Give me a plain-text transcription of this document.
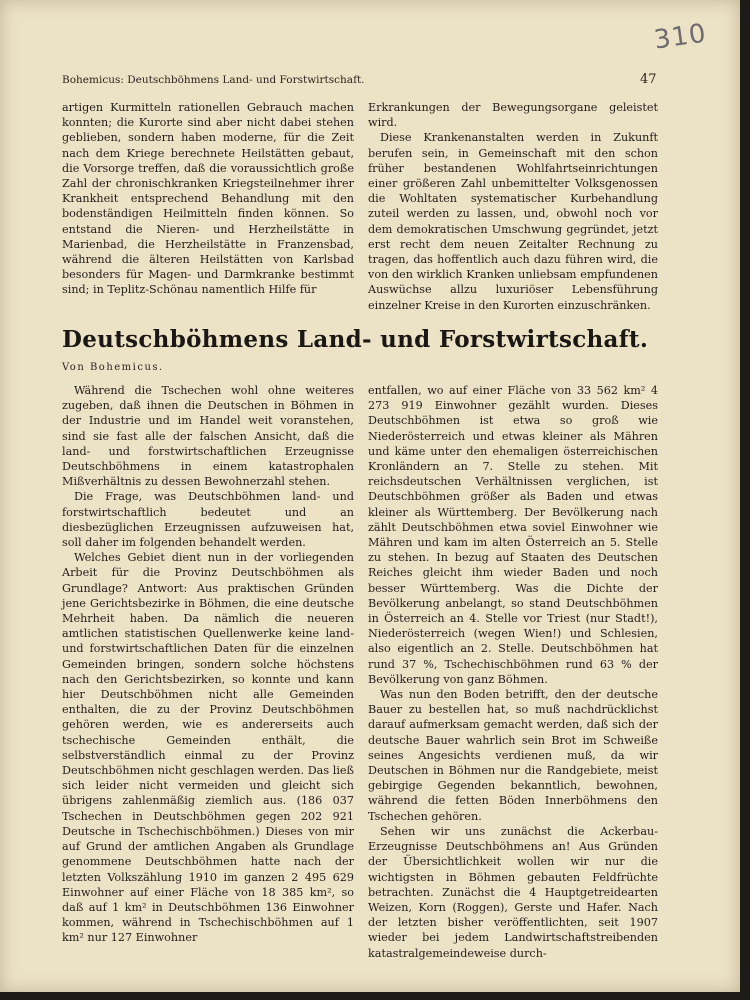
310
Bohemicus: Deutschböhmens Land- und Forstwirtschaft.	47

artigen Kurmitteln rationellen Gebrauch machen konnten; die Kurorte sind aber nicht dabei stehen geblieben, sondern haben moderne, für die Zeit nach dem Kriege berechnete Heilstätten gebaut, die Vorsorge treffen, daß die voraussichtlich große Zahl der chronischkranken Kriegsteilnehmer ihrer Krankheit entsprechend Behandlung mit den bodenständigen Heilmitteln finden können. So entstand die Nieren- und Herzheilstätte in Marienbad, die Herzheilstätte in Franzensbad, während die älteren Heilstätten von Karlsbad besonders für Magen- und Darmkranke bestimmt sind; in Teplitz-Schönau namentlich Hilfe für

Erkrankungen der Bewegungsorgane geleistet wird.

Diese Krankenanstalten werden in Zukunft berufen sein, in Gemeinschaft mit den schon früher bestandenen Wohlfahrtseinrichtungen einer größeren Zahl unbemittelter Volksgenossen die Wohltaten systematischer Kurbehandlung zuteil werden zu lassen, und, obwohl noch vor dem demokratischen Umschwung gegründet, jetzt erst recht dem neuen Zeitalter Rechnung zu tragen, das hoffentlich auch dazu führen wird, die von den wirklich Kranken unliebsam empfundenen Auswüchse allzu luxuriöser Lebensführung einzelner Kreise in den Kurorten einzuschränken.

Deutschböhmens Land- und Forstwirtschaft.
Von Bohemicus.

Während die Tschechen wohl ohne weiteres zugeben, daß ihnen die Deutschen in Böhmen in der Industrie und im Handel weit voranstehen, sind sie fast alle der falschen Ansicht, daß die land- und forstwirtschaftlichen Erzeugnisse Deutschböhmens in einem katastrophalen Mißverhältnis zu dessen Bewohnerzahl stehen.

Die Frage, was Deutschböhmen land- und forstwirtschaftlich bedeutet und an diesbezüglichen Erzeugnissen aufzuweisen hat, soll daher im folgenden behandelt werden.

Welches Gebiet dient nun in der vorliegenden Arbeit für die Provinz Deutschböhmen als Grundlage? Antwort: Aus praktischen Gründen jene Gerichtsbezirke in Böhmen, die eine deutsche Mehrheit haben. Da nämlich die neueren amtlichen statistischen Quellenwerke keine land- und forstwirtschaftlichen Daten für die einzelnen Gemeinden bringen, sondern solche höchstens nach den Gerichtsbezirken, so konnte und kann hier Deutschböhmen nicht alle Gemeinden enthalten, die zu der Provinz Deutschböhmen gehören werden, wie es andererseits auch tschechische Gemeinden enthält, die selbstverständlich einmal zu der Provinz Deutschböhmen nicht geschlagen werden. Das ließ sich leider nicht vermeiden und gleicht sich übrigens zahlenmäßig ziemlich aus. (186 037 Tschechen in Deutschböhmen gegen 202 921 Deutsche in Tschechischböhmen.) Dieses von mir auf Grund der amtlichen Angaben als Grundlage genommene Deutschböhmen hatte nach der letzten Volkszählung 1910 im ganzen 2 495 629 Einwohner auf einer Fläche von 18 385 km², so daß auf 1 km² in Deutschböhmen 136 Einwohner kommen, während in Tschechischböhmen auf 1 km² nur 127 Einwohner

entfallen, wo auf einer Fläche von 33 562 km² 4 273 919 Einwohner gezählt wurden. Dieses Deutschböhmen ist etwa so groß wie Niederösterreich und etwas kleiner als Mähren und käme unter den ehemaligen österreichischen Kronländern an 7. Stelle zu stehen. Mit reichsdeutschen Verhältnissen verglichen, ist Deutschböhmen größer als Baden und etwas kleiner als Württemberg. Der Bevölkerung nach zählt Deutschböhmen etwa soviel Einwohner wie Mähren und kam im alten Österreich an 5. Stelle zu stehen. In bezug auf Staaten des Deutschen Reiches gleicht ihm wieder Baden und noch besser Württemberg. Was die Dichte der Bevölkerung anbelangt, so stand Deutschböhmen in Österreich an 4. Stelle vor Triest (nur Stadt!), Niederösterreich (wegen Wien!) und Schlesien, also eigentlich an 2. Stelle. Deutschböhmen hat rund 37 %, Tschechischböhmen rund 63 % der Bevölkerung von ganz Böhmen.

Was nun den Boden betrifft, den der deutsche Bauer zu bestellen hat, so muß nachdrücklichst darauf aufmerksam gemacht werden, daß sich der deutsche Bauer wahrlich sein Brot im Schweiße seines Angesichts verdienen muß, da wir Deutschen in Böhmen nur die Randgebiete, meist gebirgige Gegenden bekanntlich, bewohnen, während die fetten Böden Innerböhmens den Tschechen gehören.

Sehen wir uns zunächst die Ackerbau-Erzeugnisse Deutschböhmens an! Aus Gründen der Übersichtlichkeit wollen wir nur die wichtigsten in Böhmen gebauten Feldfrüchte betrachten. Zunächst die 4 Hauptgetreidearten Weizen, Korn (Roggen), Gerste und Hafer. Nach der letzten bisher veröffentlichten, seit 1907 wieder bei jedem Landwirtschaftstreibenden katastralgemeindeweise durch-
